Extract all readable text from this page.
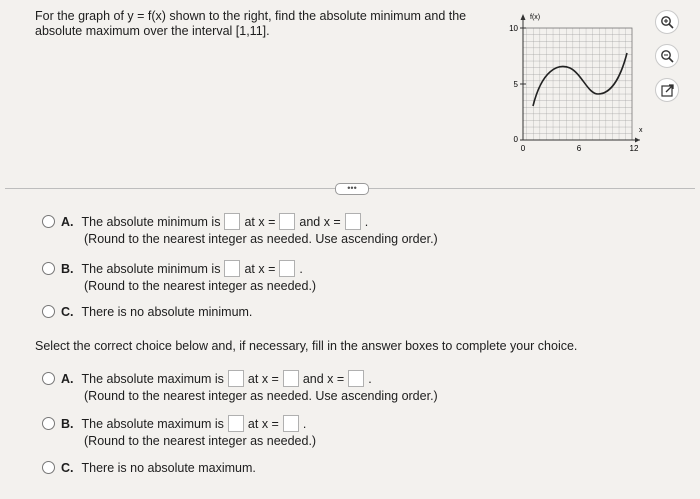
For the graph of y = f(x) shown to the right, find the absolute minimum and the
absolute maximum over the interval [1,11].	10
5
0
0	6	12
f(x)
x
•••
A. The absolute minimum is at x = and x = .
(Round to the nearest integer as needed. Use ascending order.)
B. The absolute minimum is at x = .
(Round to the nearest integer as needed.)
C. There is no absolute minimum.
Select the correct choice below and, if necessary, fill in the answer boxes to complete your choice.
A. The absolute maximum is at x = and x = .
(Round to the nearest integer as needed. Use ascending order.)
B. The absolute maximum is at x = .
(Round to the nearest integer as needed.)
C. There is no absolute maximum.
